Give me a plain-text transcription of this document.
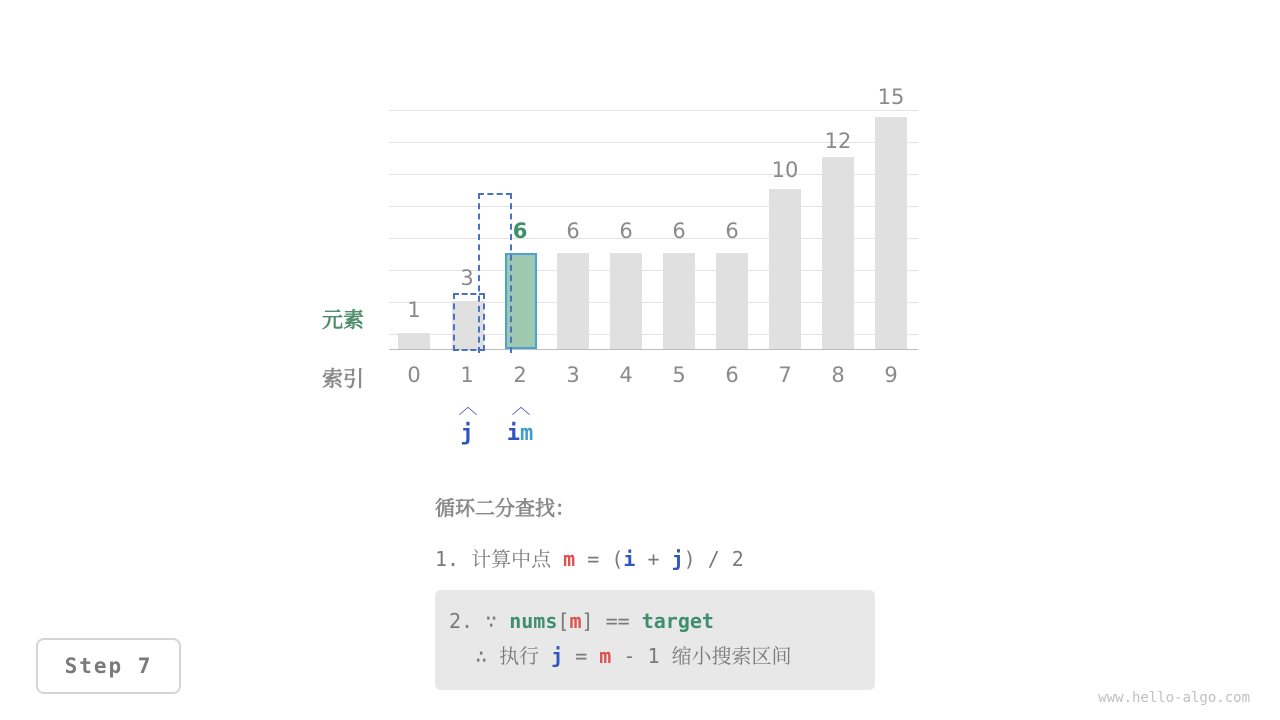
1
3
6	6	6	6	6
10
12
15
0	1	2	3	4	5	6	7	8	9
元素
索引
︿	︿
j	im
循环二分查找：
1. 计算中点 m = (i + j) / 2
2. ∵ nums[m] == target
∴ 执行 j = m - 1 缩小搜索区间
Step 7
www.hello-algo.com
